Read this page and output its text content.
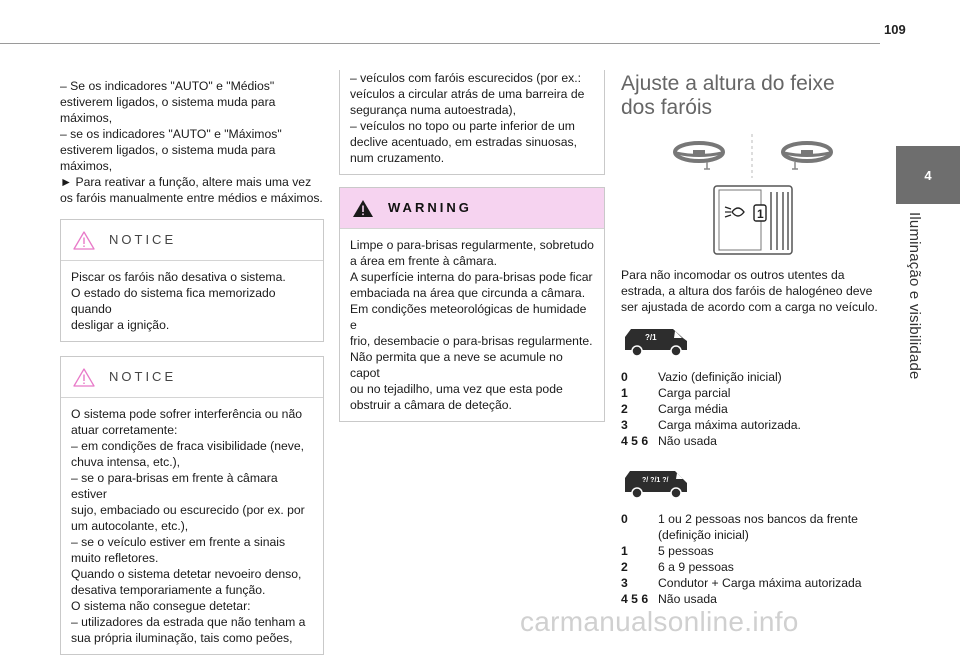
109
4
Iluminação e visibilidade

– Se os indicadores "AUTO" e "Médios"
estiverem ligados, o sistema muda para
máximos,
– se os indicadores "AUTO" e "Máximos"
estiverem ligados, o sistema muda para
máximos,
► Para reativar a função, altere mais uma vez
os faróis manualmente entre médios e máximos.

NOTICE
Piscar os faróis não desativa o sistema.
O estado do sistema fica memorizado quando
desligar a ignição.
NOTICE
O sistema pode sofrer interferência ou não
atuar corretamente:
– em condições de fraca visibilidade (neve,
chuva intensa, etc.),
– se o para-brisas em frente à câmara estiver
sujo, embaciado ou escurecido (por ex. por
um autocolante, etc.),
– se o veículo estiver em frente a sinais
muito refletores.
Quando o sistema detetar nevoeiro denso,
desativa temporariamente a função.
O sistema não consegue detetar:
– utilizadores da estrada que não tenham a
sua própria iluminação, tais como peões,
– veículos com faróis escurecidos (por ex.:
veículos a circular atrás de uma barreira de
segurança numa autoestrada),
– veículos no topo ou parte inferior de um
declive acentuado, em estradas sinuosas,
num cruzamento.
WARNING
Limpe o para-brisas regularmente, sobretudo
a área em frente à câmara.
A superfície interna do para-brisas pode ficar
embaciada na área que circunda a câmara.
Em condições meteorológicas de humidade e
frio, desembacie o para-brisas regularmente.
Não permita que a neve se acumule no capot
ou no tejadilho, uma vez que esta pode
obstruir a câmara de deteção.
Ajuste a altura do feixe
dos faróis
1

Para não incomodar os outros utentes da
estrada, a altura dos faróis de halogéneo deve
ser ajustada de acordo com a carga no veículo.

?/1
0	Vazio (definição inicial)
1	Carga parcial
2	Carga média
3	Carga máxima autorizada.
4 5 6 Não usada
?/ ?/1 ?/
0	1 ou 2 pessoas nos bancos da frente
(definição inicial)
1	5 pessoas
2	6 a 9 pessoas
3	Condutor + Carga máxima autorizada
4 5 6 Não usada
carmanualsonline.info
